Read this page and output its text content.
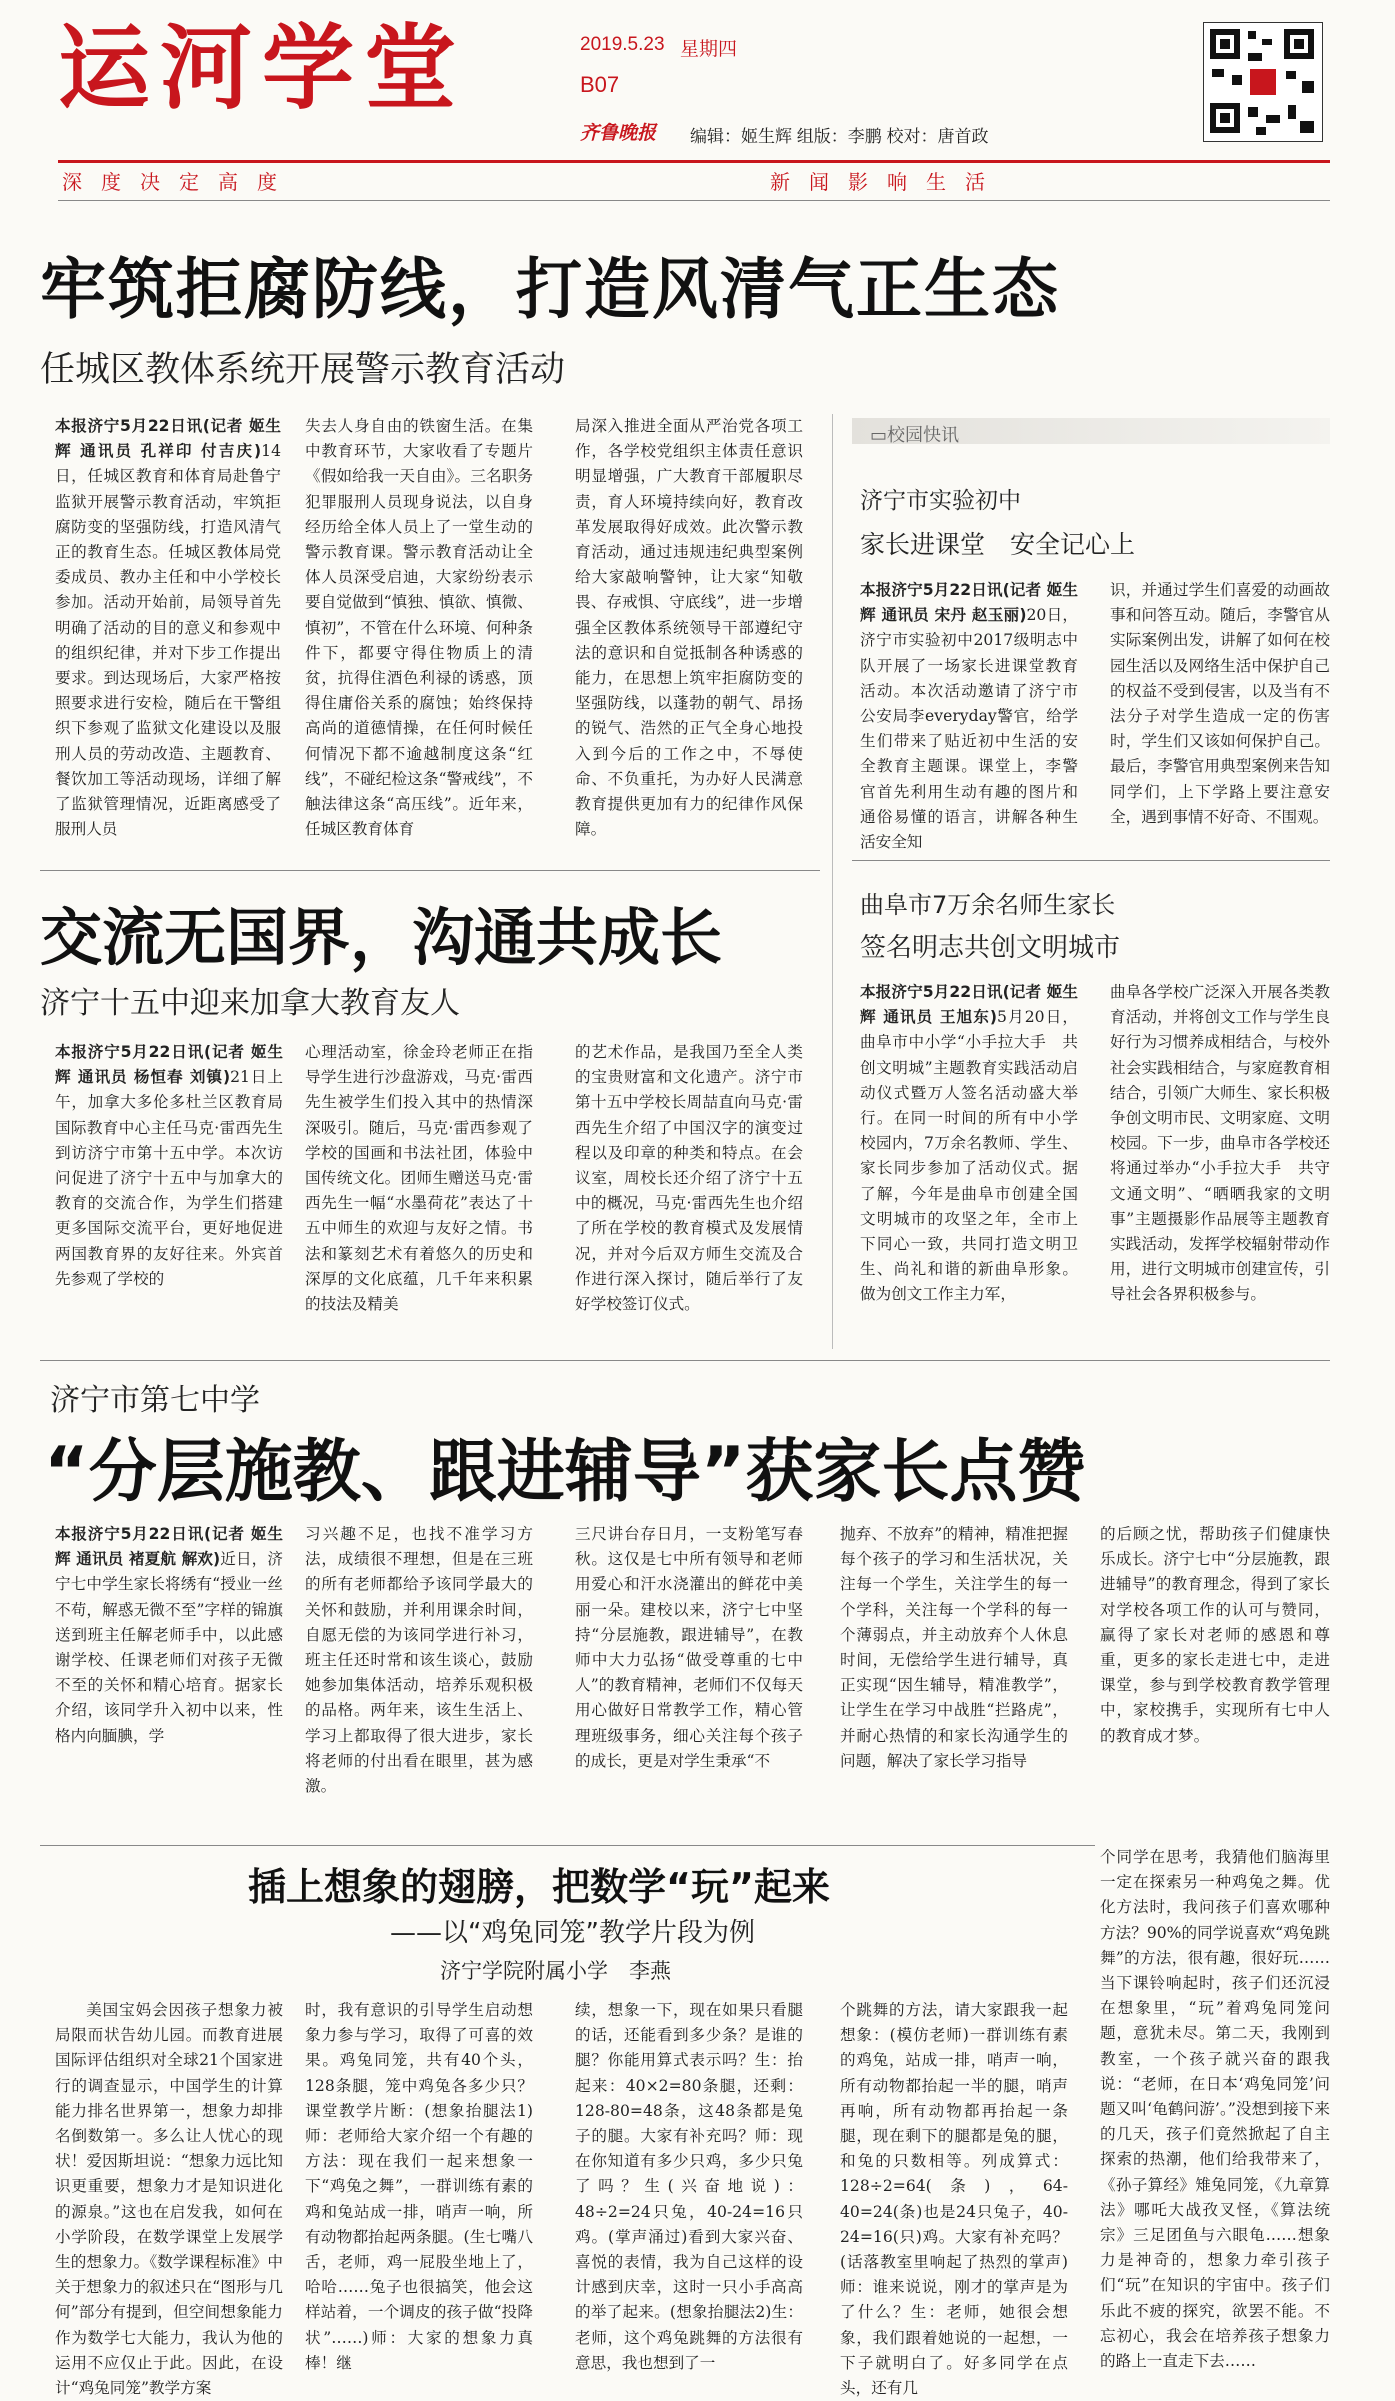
运河学堂	2019.5.23 星期四
B07
齐鲁晚报 编辑：姬生辉 组版：李鹏 校对：唐首政
深度决定高度	新闻影响生活
牢筑拒腐防线，打造风清气正生态
任城区教体系统开展警示教育活动
本报济宁5月22日讯(记者 姬生辉 通讯员 孔祥印 付吉庆)14日，任城区教育和体育局赴鲁宁监狱开展警示教育活动，牢筑拒腐防变的坚强防线，打造风清气正的教育生态。任城区教体局党委成员、教办主任和中小学校长参加。活动开始前，局领导首先明确了活动的目的意义和参观中的组织纪律，并对下步工作提出要求。到达现场后，大家严格按照要求进行安检，随后在干警组织下参观了监狱文化建设以及服刑人员的劳动改造、主题教育、餐饮加工等活动现场，详细了解了监狱管理情况，近距离感受了服刑人员
失去人身自由的铁窗生活。在集中教育环节，大家收看了专题片《假如给我一天自由》。三名职务犯罪服刑人员现身说法，以自身经历给全体人员上了一堂生动的警示教育课。警示教育活动让全体人员深受启迪，大家纷纷表示要自觉做到“慎独、慎欲、慎微、慎初”，不管在什么环境、何种条件下，都要守得住物质上的清贫，抗得住酒色利禄的诱惑，顶得住庸俗关系的腐蚀；始终保持高尚的道德情操，在任何时候任何情况下都不逾越制度这条“红线”，不碰纪检这条“警戒线”，不触法律这条“高压线”。近年来，任城区教育体育
局深入推进全面从严治党各项工作，各学校党组织主体责任意识明显增强，广大教育干部履职尽责，育人环境持续向好，教育改革发展取得好成效。此次警示教育活动，通过违规违纪典型案例给大家敲响警钟，让大家“知敬畏、存戒惧、守底线”，进一步增强全区教体系统领导干部遵纪守法的意识和自觉抵制各种诱惑的能力，在思想上筑牢拒腐防变的坚强防线，以蓬勃的朝气、昂扬的锐气、浩然的正气全身心地投入到今后的工作之中，不辱使命、不负重托，为办好人民满意教育提供更加有力的纪律作风保障。
▭校园快讯
济宁市实验初中
家长进课堂　安全记心上
本报济宁5月22日讯(记者 姬生辉 通讯员 宋丹 赵玉丽)20日，济宁市实验初中2017级明志中队开展了一场家长进课堂教育活动。本次活动邀请了济宁市公安局李everyday警官，给学生们带来了贴近初中生活的安全教育主题课。课堂上，李警官首先利用生动有趣的图片和通俗易懂的语言，讲解各种生活安全知
识，并通过学生们喜爱的动画故事和问答互动。随后，李警官从实际案例出发，讲解了如何在校园生活以及网络生活中保护自己的权益不受到侵害，以及当有不法分子对学生造成一定的伤害时，学生们又该如何保护自己。最后，李警官用典型案例来告知同学们，上下学路上要注意安全，遇到事情不好奇、不围观。
曲阜市7万余名师生家长
签名明志共创文明城市
本报济宁5月22日讯(记者 姬生辉 通讯员 王旭东)5月20日，曲阜市中小学“小手拉大手　共创文明城”主题教育实践活动启动仪式暨万人签名活动盛大举行。在同一时间的所有中小学校园内，7万余名教师、学生、家长同步参加了活动仪式。据了解，今年是曲阜市创建全国文明城市的攻坚之年，全市上下同心一致，共同打造文明卫生、尚礼和谐的新曲阜形象。做为创文工作主力军，
曲阜各学校广泛深入开展各类教育活动，并将创文工作与学生良好行为习惯养成相结合，与校外社会实践相结合，与家庭教育相结合，引领广大师生、家长积极争创文明市民、文明家庭、文明校园。下一步，曲阜市各学校还将通过举办“小手拉大手　共守文通文明”、“晒晒我家的文明事”主题摄影作品展等主题教育实践活动，发挥学校辐射带动作用，进行文明城市创建宣传，引导社会各界积极参与。
交流无国界，沟通共成长
济宁十五中迎来加拿大教育友人
本报济宁5月22日讯(记者 姬生辉 通讯员 杨恒春 刘镇)21日上午，加拿大多伦多杜兰区教育局国际教育中心主任马克·雷西先生到访济宁市第十五中学。本次访问促进了济宁十五中与加拿大的教育的交流合作，为学生们搭建更多国际交流平台，更好地促进两国教育界的友好往来。外宾首先参观了学校的
心理活动室，徐金玲老师正在指导学生进行沙盘游戏，马克·雷西先生被学生们投入其中的热情深深吸引。随后，马克·雷西参观了学校的国画和书法社团，体验中国传统文化。团师生赠送马克·雷西先生一幅“水墨荷花”表达了十五中师生的欢迎与友好之情。书法和篆刻艺术有着悠久的历史和深厚的文化底蕴，几千年来积累的技法及精美
的艺术作品，是我国乃至全人类的宝贵财富和文化遗产。济宁市第十五中学校长周喆直向马克·雷西先生介绍了中国汉字的演变过程以及印章的种类和特点。在会议室，周校长还介绍了济宁十五中的概况，马克·雷西先生也介绍了所在学校的教育模式及发展情况，并对今后双方师生交流及合作进行深入探讨，随后举行了友好学校签订仪式。
济宁市第七中学
“分层施教、跟进辅导”获家长点赞
本报济宁5月22日讯(记者 姬生辉 通讯员 褚夏航 解欢)近日，济宁七中学生家长将绣有“授业一丝不苟，解惑无微不至”字样的锦旗送到班主任解老师手中，以此感谢学校、任课老师们对孩子无微不至的关怀和精心培育。据家长介绍，该同学升入初中以来，性格内向腼腆，学
习兴趣不足，也找不准学习方法，成绩很不理想，但是在三班的所有老师都给予该同学最大的关怀和鼓励，并利用课余时间，自愿无偿的为该同学进行补习，班主任还时常和该生谈心，鼓励她参加集体活动，培养乐观积极的品格。两年来，该生生活上、学习上都取得了很大进步，家长将老师的付出看在眼里，甚为感激。
三尺讲台存日月，一支粉笔写春秋。这仅是七中所有领导和老师用爱心和汗水浇灌出的鲜花中美丽一朵。建校以来，济宁七中坚持“分层施教，跟进辅导”，在教师中大力弘扬“做受尊重的七中人”的教育精神，老师们不仅每天用心做好日常教学工作，精心管理班级事务，细心关注每个孩子的成长，更是对学生秉承“不
抛弃、不放弃”的精神，精准把握每个孩子的学习和生活状况，关注每一个学生，关注学生的每一个学科，关注每一个学科的每一个薄弱点，并主动放弃个人休息时间，无偿给学生进行辅导，真正实现“因生辅导，精准教学”，让学生在学习中战胜“拦路虎”，并耐心热情的和家长沟通学生的问题，解决了家长学习指导
的后顾之忧，帮助孩子们健康快乐成长。济宁七中“分层施教，跟进辅导”的教育理念，得到了家长对学校各项工作的认可与赞同，赢得了家长对老师的感恩和尊重，更多的家长走进七中，走进课堂，参与到学校教育教学管理中，家校携手，实现所有七中人的教育成才梦。
插上想象的翅膀，把数学“玩”起来
——以“鸡兔同笼”教学片段为例
济宁学院附属小学　李燕
美国宝妈会因孩子想象力被局限而状告幼儿园。而教育进展国际评估组织对全球21个国家进行的调查显示，中国学生的计算能力排名世界第一，想象力却排名倒数第一。多么让人忧心的现状！爱因斯坦说：“想象力远比知识更重要，想象力才是知识进化的源泉。”这也在启发我，如何在小学阶段，在数学课堂上发展学生的想象力。《数学课程标准》中关于想象力的叙述只在“图形与几何”部分有提到，但空间想象能力作为数学七大能力，我认为他的运用不应仅止于此。因此，在设计“鸡兔同笼”教学方案
时，我有意识的引导学生启动想象力参与学习，取得了可喜的效果。鸡兔同笼，共有40个头，128条腿，笼中鸡兔各多少只？课堂教学片断：(想象抬腿法1)师：老师给大家介绍一个有趣的方法：现在我们一起来想象一下“鸡兔之舞”，一群训练有素的鸡和兔站成一排，哨声一响，所有动物都抬起两条腿。(生七嘴八舌，老师，鸡一屁股坐地上了，哈哈……兔子也很搞笑，他会这样站着，一个调皮的孩子做“投降状”……)师：大家的想象力真棒！继
续，想象一下，现在如果只看腿的话，还能看到多少条？是谁的腿？你能用算式表示吗？生：抬起来：40×2=80条腿，还剩：128-80=48条，这48条都是兔子的腿。大家有补充吗？师：现在你知道有多少只鸡，多少只兔了吗？生(兴奋地说)：48÷2=24只兔，40-24=16只鸡。(掌声涌过)看到大家兴奋、喜悦的表情，我为自己这样的设计感到庆幸，这时一只小手高高的举了起来。(想象抬腿法2)生：老师，这个鸡兔跳舞的方法很有意思，我也想到了一
个跳舞的方法，请大家跟我一起想象：(模仿老师)一群训练有素的鸡兔，站成一排，哨声一响，所有动物都抬起一半的腿，哨声再响，所有动物都再抬起一条腿，现在剩下的腿都是兔的腿，和兔的只数相等。列成算式：128÷2=64(条)，64-40=24(条)也是24只兔子，40-24=16(只)鸡。大家有补充吗？(话落教室里响起了热烈的掌声)师：谁来说说，刚才的掌声是为了什么？生：老师，她很会想象，我们跟着她说的一起想，一下子就明白了。好多同学在点头，还有几
个同学在思考，我猜他们脑海里一定在探索另一种鸡兔之舞。优化方法时，我问孩子们喜欢哪种方法？90%的同学说喜欢“鸡兔跳舞”的方法，很有趣，很好玩……当下课铃响起时，孩子们还沉浸在想象里，“玩”着鸡兔同笼问题，意犹未尽。第二天，我刚到教室，一个孩子就兴奋的跟我说：“老师，在日本‘鸡兔同笼’问题又叫‘龟鹤问游’。”没想到接下来的几天，孩子们竟然掀起了自主探索的热潮，他们给我带来了，《孙子算经》雉兔同笼，《九章算法》哪吒大战孜叉怪，《算法统宗》三足团鱼与六眼龟……想象力是神奇的，想象力牵引孩子们“玩”在知识的宇宙中。孩子们乐此不疲的探究，欲罢不能。不忘初心，我会在培养孩子想象力的路上一直走下去……
